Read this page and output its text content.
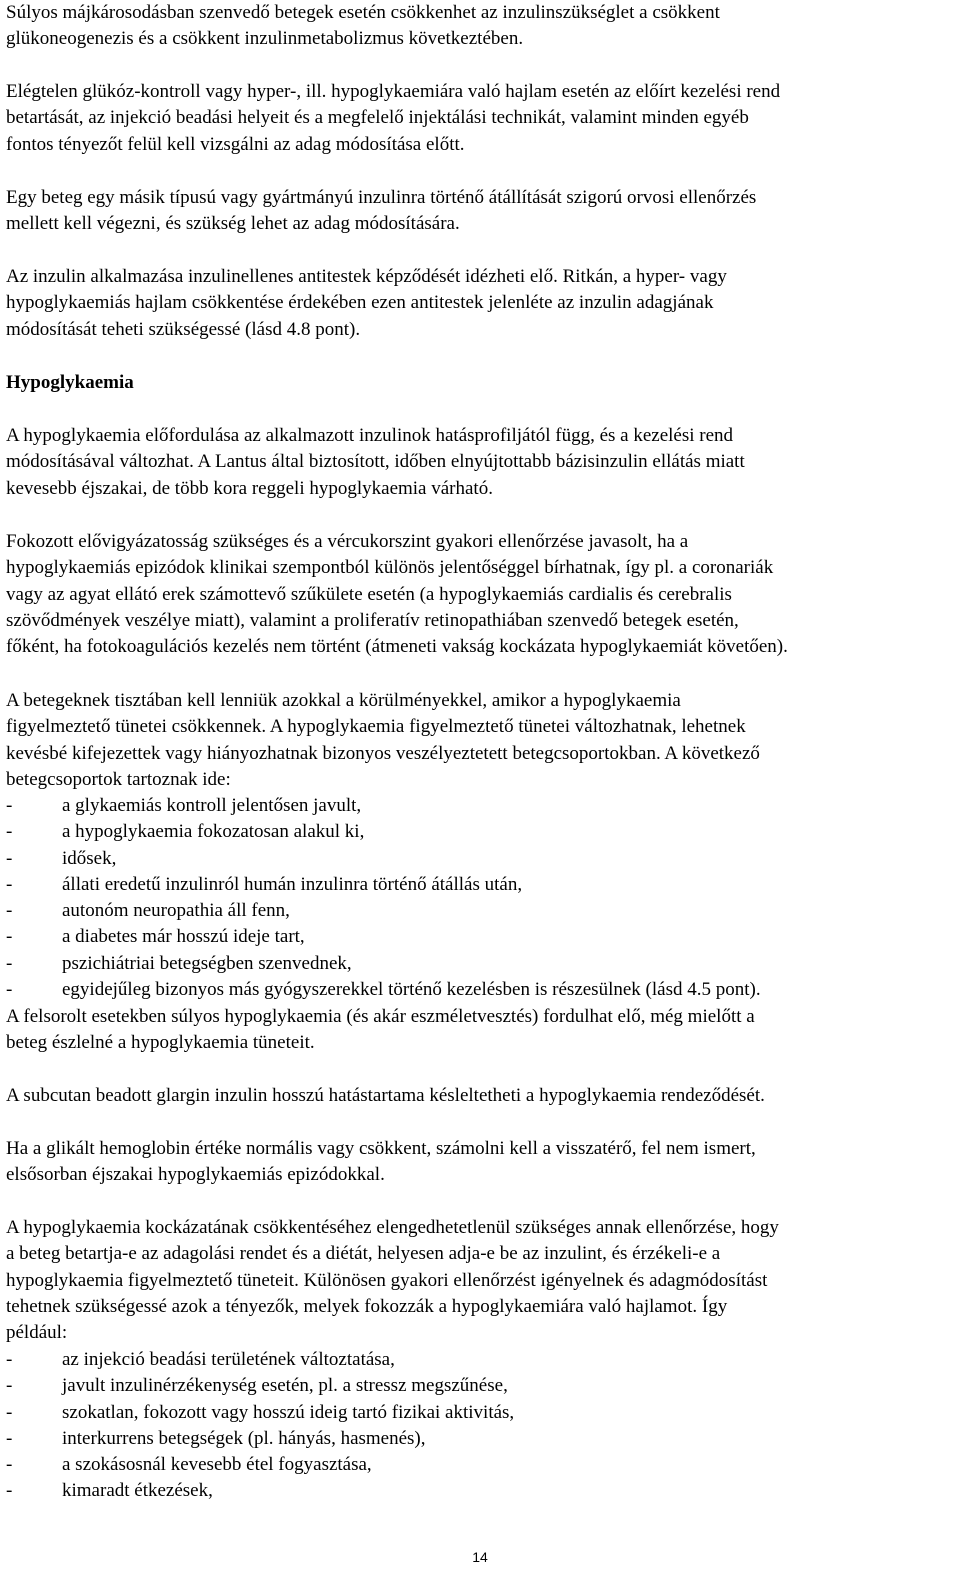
Súlyos májkárosodásban szenvedő betegek esetén csökkenhet az inzulinszükséglet a csökkent
glükoneogenezis és a csökkent inzulinmetabolizmus következtében.
Elégtelen glükóz-kontroll vagy hyper-, ill. hypoglykaemiára való hajlam esetén az előírt kezelési rend
betartását, az injekció beadási helyeit és a megfelelő injektálási technikát, valamint minden egyéb
fontos tényezőt felül kell vizsgálni az adag módosítása előtt.
Egy beteg egy másik típusú vagy gyártmányú inzulinra történő átállítását szigorú orvosi ellenőrzés
mellett kell végezni, és szükség lehet az adag módosítására.
Az inzulin alkalmazása inzulinellenes antitestek képződését idézheti elő. Ritkán, a hyper- vagy
hypoglykaemiás hajlam csökkentése érdekében ezen antitestek jelenléte az inzulin adagjának
módosítását teheti szükségessé (lásd 4.8 pont).
Hypoglykaemia
A hypoglykaemia előfordulása az alkalmazott inzulinok hatásprofiljától függ, és a kezelési rend
módosításával változhat. A Lantus által biztosított, időben elnyújtottabb bázisinzulin ellátás miatt
kevesebb éjszakai, de több kora reggeli hypoglykaemia várható.
Fokozott elővigyázatosság szükséges és a vércukorszint gyakori ellenőrzése javasolt, ha a
hypoglykaemiás epizódok klinikai szempontból különös jelentőséggel bírhatnak, így pl. a coronariák
vagy az agyat ellátó erek számottevő szűkülete esetén (a hypoglykaemiás cardialis és cerebralis
szövődmények veszélye miatt), valamint a proliferatív retinopathiában szenvedő betegek esetén,
főként, ha fotokoagulációs kezelés nem történt (átmeneti vakság kockázata hypoglykaemiát követően).
A betegeknek tisztában kell lenniük azokkal a körülményekkel, amikor a hypoglykaemia
figyelmeztető tünetei csökkennek. A hypoglykaemia figyelmeztető tünetei változhatnak, lehetnek
kevésbé kifejezettek vagy hiányozhatnak bizonyos veszélyeztetett betegcsoportokban. A következő
betegcsoportok tartoznak ide:
-	a glykaemiás kontroll jelentősen javult,
-	a hypoglykaemia fokozatosan alakul ki,
-	idősek,
-	állati eredetű inzulinról humán inzulinra történő átállás után,
-	autonóm neuropathia áll fenn,
-	a diabetes már hosszú ideje tart,
-	pszichiátriai betegségben szenvednek,
-	egyidejűleg bizonyos más gyógyszerekkel történő kezelésben is részesülnek (lásd 4.5 pont).
A felsorolt esetekben súlyos hypoglykaemia (és akár eszméletvesztés) fordulhat elő, még mielőtt a
beteg észlelné a hypoglykaemia tüneteit.
A subcutan beadott glargin inzulin hosszú hatástartama késleltetheti a hypoglykaemia rendeződését.
Ha a glikált hemoglobin értéke normális vagy csökkent, számolni kell a visszatérő, fel nem ismert,
elsősorban éjszakai hypoglykaemiás epizódokkal.
A hypoglykaemia kockázatának csökkentéséhez elengedhetetlenül szükséges annak ellenőrzése, hogy
a beteg betartja-e az adagolási rendet és a diétát, helyesen adja-e be az inzulint, és érzékeli-e a
hypoglykaemia figyelmeztető tüneteit. Különösen gyakori ellenőrzést igényelnek és adagmódosítást
tehetnek szükségessé azok a tényezők, melyek fokozzák a hypoglykaemiára való hajlamot. Így
például:
-	az injekció beadási területének változtatása,
-	javult inzulinérzékenység esetén, pl. a stressz megszűnése,
-	szokatlan, fokozott vagy hosszú ideig tartó fizikai aktivitás,
-	interkurrens betegségek (pl. hányás, hasmenés),
-	a szokásosnál kevesebb étel fogyasztása,
-	kimaradt étkezések,
14
